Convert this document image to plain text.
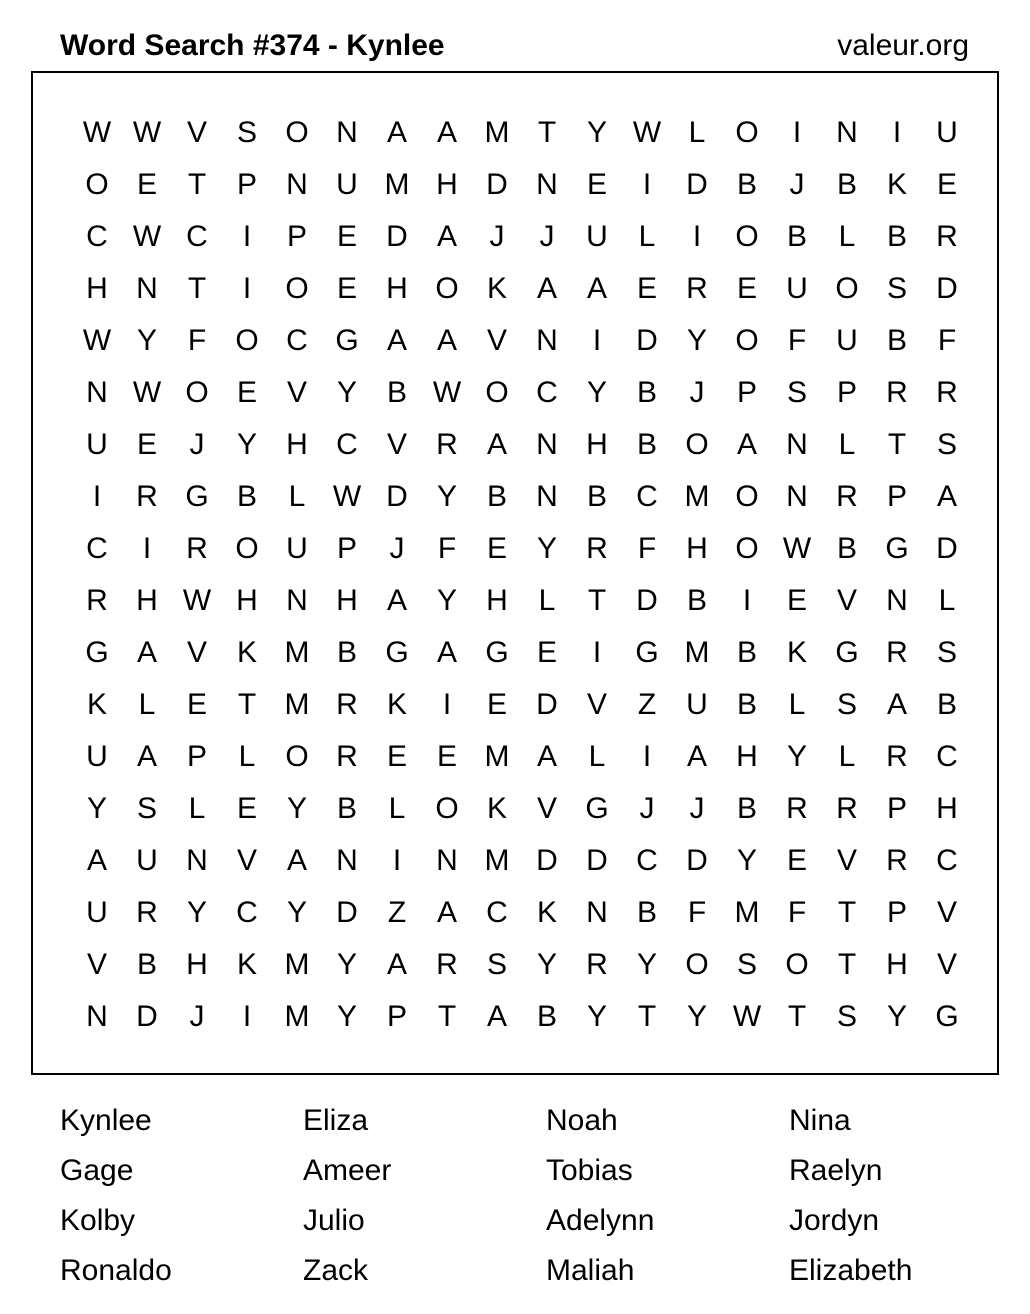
Word Search #374 - Kynlee	valeur.org
W W V S O N A A M T	Y W L O	I	N	I	U
O E	T	P N U M H D N E	I	D B	J	B K E
C W C	I	P E D A	J	J	U	L	I	O B	L	B R
H N	T	I	O E H O K A A E R E U O S D
W Y	F O C G A A V N	I	D Y O F	U B	F
N W O E V Y B W O C Y B	J	P S P R R
U E	J	Y H C V R A N H B O A N	L	T	S
I	R G B	L W D Y B N B C M O N R P A
C	I	R O U P	J	F	E Y R	F	H O W B G D
R H W H N H A Y H	L	T	D B	I	E V N	L
G A V K M B G A G E	I	G M B K G R S
K	L	E	T M R K	I	E D V	Z	U B	L	S A B
U A P	L O R E E M A	L	I	A H Y	L	R C
Y S	L	E Y B	L O K V G	J	J	B R R P H
A U N V A N	I	N M D D C D Y E V R C
U R Y C Y D	Z	A C K N B	F M F	T	P V
V B H K M Y A R S Y R Y O S O T	H V
N D	J	I	M Y P	T	A B Y	T	Y W T	S Y G
Kynlee	Eliza	Noah	Nina
Gage	Ameer	Tobias	Raelyn
Kolby	Julio	Adelynn	Jordyn
Ronaldo	Zack	Maliah	Elizabeth
